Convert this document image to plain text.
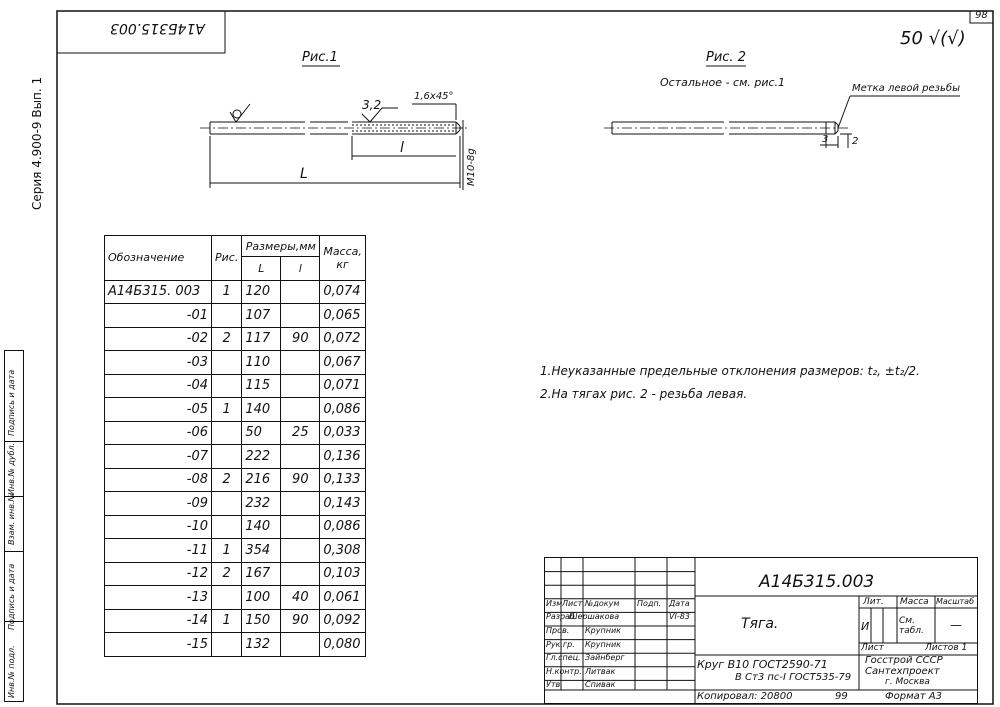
А14Б315.003
98
50 √(√)
Серия 4.900-9 Вып. 1
Рис.1
3,2
1,6x45°
l
L	М10-8g
Рис. 2
Остальное - см. рис.1	Метка левой резьбы
3 2
1.Неуказанные предельные отклонения размеров: t₂, ±t₂/2.
2.На тягах рис. 2 - резьба левая.
Обозначение	Рис.	Размеры,мм		Масса, кг
		L	l	
А14Б315. 003	1	120		0,074
-01		107		0,065
-02	2	117	90	0,072
-03		110		0,067
-04		115		0,071
-05	1	140		0,086
-06		50	25	0,033
-07		222		0,136
-08	2	216	90	0,133
-09		232		0,143
-10		140		0,086
-11	1	354		0,308
-12	2	167		0,103
-13		100	40	0,061
-14	1	150	90	0,092
-15		132		0,080
А14Б315.003
Тяга.
Круг В10 ГОСТ2590-71
В Ст3 пс-I ГОСТ535-79
Госстрой СССР
Сантехпроект
г. Москва
Лит. Масса Масштаб
И	См. табл.	—
Лист	Листов 1
Копировал: 20800	99	Формат А3
Изм Лист №докум Подп. Дата
Разраб.
Шершакова	VI-83
Пров. Крупник
Рук.гр. Крупник
Гл.спец. Зайнберг
Н.контр. Литвак
Утв.	Спивак
Инв.№ подл.
Подпись и дата
Взам. инв.№
Инв.№ дубл.
Подпись и дата
